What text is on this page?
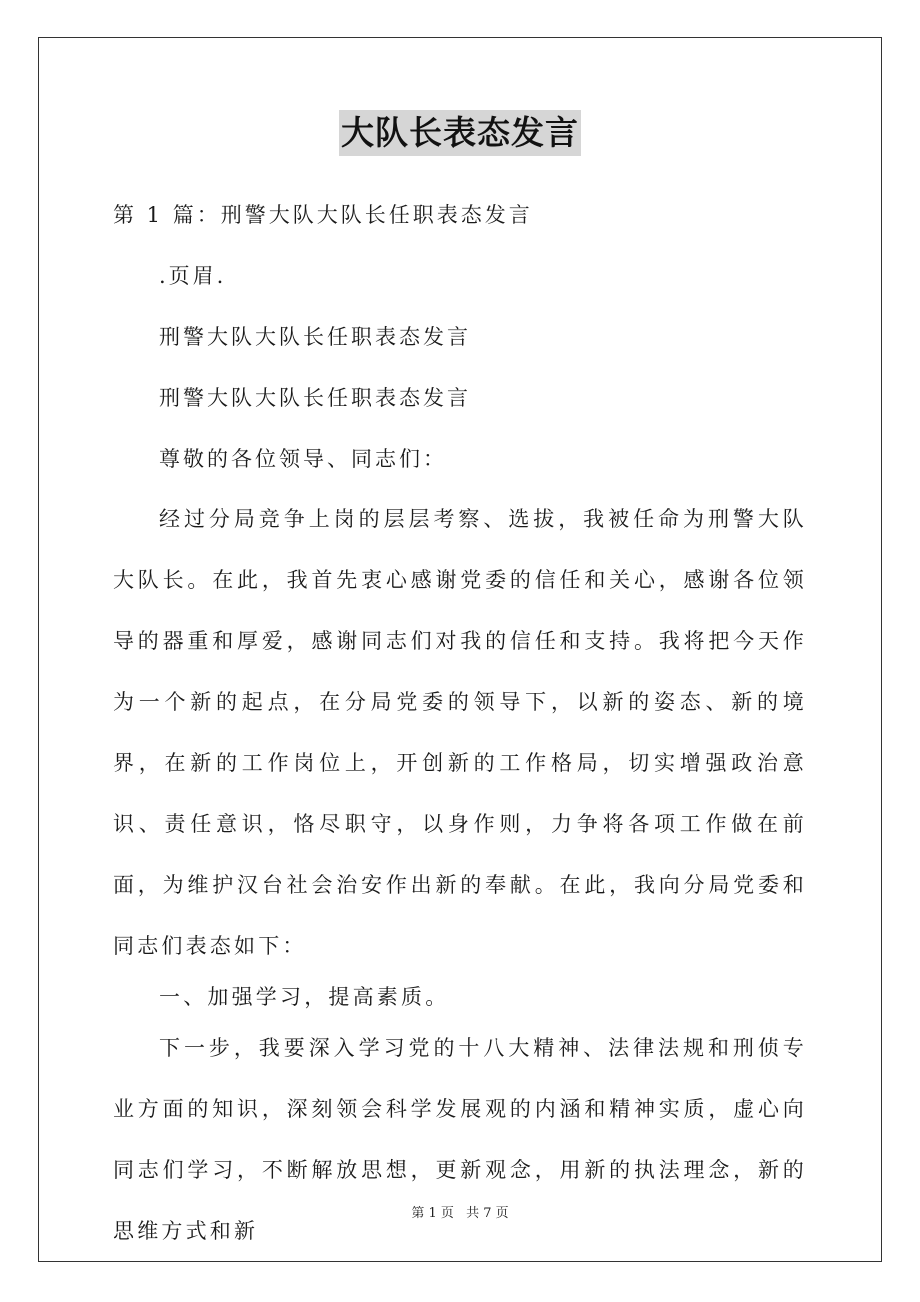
大队长表态发言
第 1 篇：刑警大队大队长任职表态发言
.页眉.
刑警大队大队长任职表态发言
刑警大队大队长任职表态发言
尊敬的各位领导、同志们：

经过分局竞争上岗的层层考察、选拔，我被任命为刑警大队大队长。在此，我首先衷心感谢党委的信任和关心，感谢各位领导的器重和厚爱，感谢同志们对我的信任和支持。我将把今天作为一个新的起点，在分局党委的领导下，以新的姿态、新的境界，在新的工作岗位上，开创新的工作格局，切实增强政治意识、责任意识，恪尽职守，以身作则，力争将各项工作做在前面，为维护汉台社会治安作出新的奉献。在此，我向分局党委和同志们表态如下：

一、加强学习，提高素质。

下一步，我要深入学习党的十八大精神、法律法规和刑侦专业方面的知识，深刻领会科学发展观的内涵和精神实质，虚心向同志们学习，不断解放思想，更新观念，用新的执法理念，新的思维方式和新

第 1 页 共 7 页
